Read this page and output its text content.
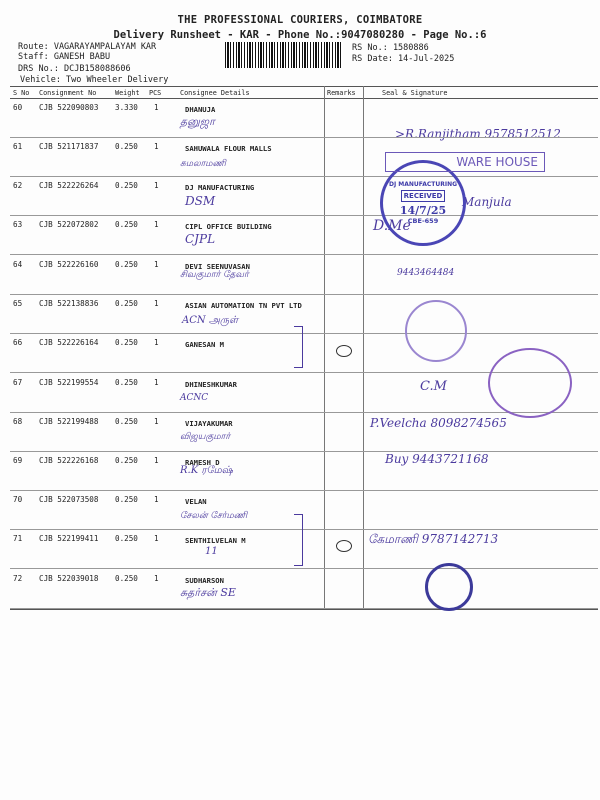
THE PROFESSIONAL COURIERS, COIMBATORE
Delivery Runsheet - KAR - Phone No.:9047080280 - Page No.:6
Route: VAGARAYAMPALAYAM KAR
Staff: GANESH BABU
DRS No.: DCJB158088606
Vehicle: Two Wheeler Delivery
RS No.: 1580886
RS Date: 14-Jul-2025
S No Consignment No	Weight PCS	Consignee Details	Remarks	Seal & Signature
60 CJB 522090803 3.330 1	DHANUJA
தனுஜா
>R.Ranjitham 9578512512
61 CJB 521171837 0.250 1	SAHUWALA FLOUR MALLS
சுமலாமணி
62 CJB 522226264 0.250 1	DJ MANUFACTURING
DSM	Manjula
63 CJB 522072802 0.250 1	CIPL OFFICE BUILDING
CJPL
D.Me
64 CJB 522226160 0.250 1	DEVI SEENUVASAN
சிவகுமார் தேவர்	9443464484
65 CJB 522138836 0.250 1	ASIAN AUTOMATION TN PVT LTD
ACN அருள்
66 CJB 522226164 0.250 1	GANESAN M
67 CJB 522199554 0.250 1	DHINESHKUMAR
ACNC
C.M
68 CJB 522199488 0.250 1	VIJAYAKUMAR
விஜயகுமார்
P.Veelcha 8098274565
69 CJB 522226168 0.250 1	RAMESH D
R.K ரமேஷ்
Buy 9443721168
70 CJB 522073508 0.250 1	VELAN
சேலன் சேர்மணி
71 CJB 522199411 0.250 1	SENTHILVELAN M
11
கேமாணி 9787142713
72 CJB 522039018 0.250 1	SUDHARSON
சுதர்சன் SE
DJ MANUFACTURING
RECEIVED
14/7/25
CBE-659
WARE HOUSE
